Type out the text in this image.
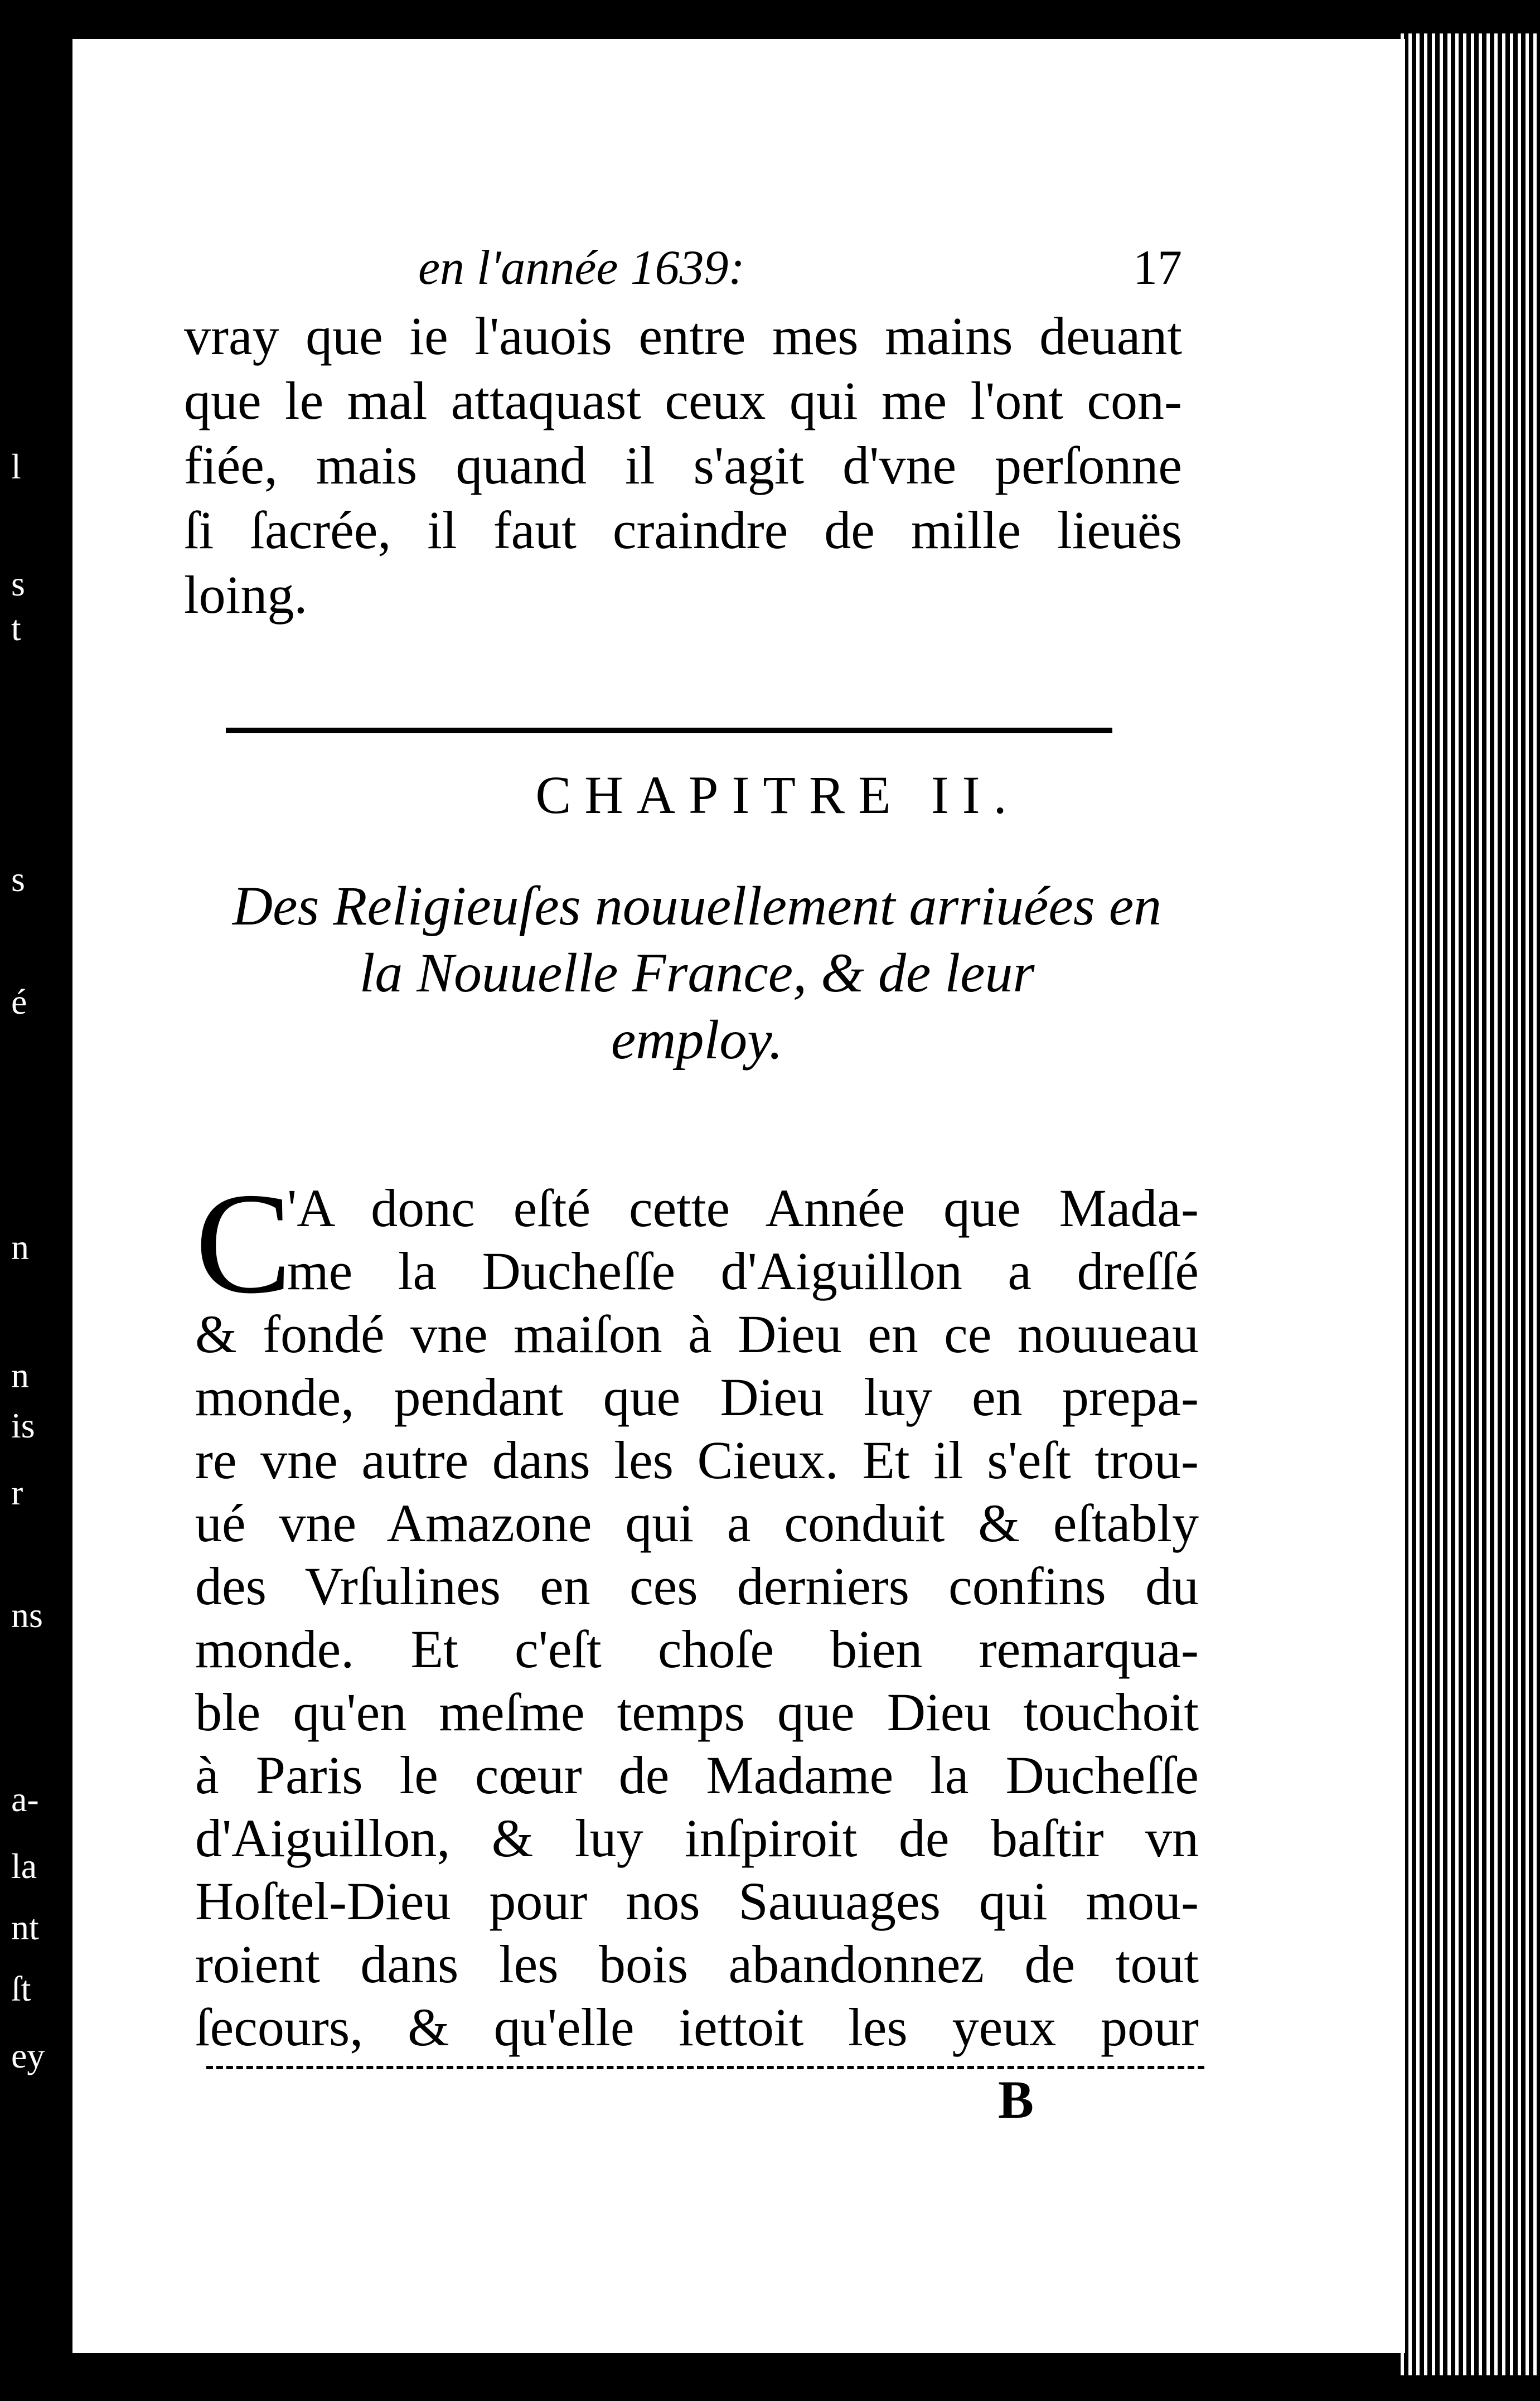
en l'année 1639:	17
vray que ie l'auois entre mes mains deuant
que le mal attaquast ceux qui me l'ont con-
fiée, mais quand il s'agit d'vne perſonne
ſi ſacrée, il faut craindre de mille lieuës
loing.
CHAPITRE II.
Des Religieuſes nouuellement arriuées en
la Nouuelle France, & de leur
employ.
C
'A donc eſté cette Année que Mada-
me la Ducheſſe d'Aiguillon a dreſſé
& fondé vne maiſon à Dieu en ce nouueau
monde, pendant que Dieu luy en prepa-
re vne autre dans les Cieux. Et il s'eſt trou-
ué vne Amazone qui a conduit & eſtably
des Vrſulines en ces derniers confins du
monde. Et c'eſt choſe bien remarqua-
ble qu'en meſme temps que Dieu touchoit
à Paris le cœur de Madame la Ducheſſe
d'Aiguillon, & luy inſpiroit de baſtir vn
Hoſtel-Dieu pour nos Sauuages qui mou-
roient dans les bois abandonnez de tout
ſecours, & qu'elle iettoit les yeux pour
B
s
l
t
s
é
n
n
is
r
ns
a-
la
nt
ſt
ey
